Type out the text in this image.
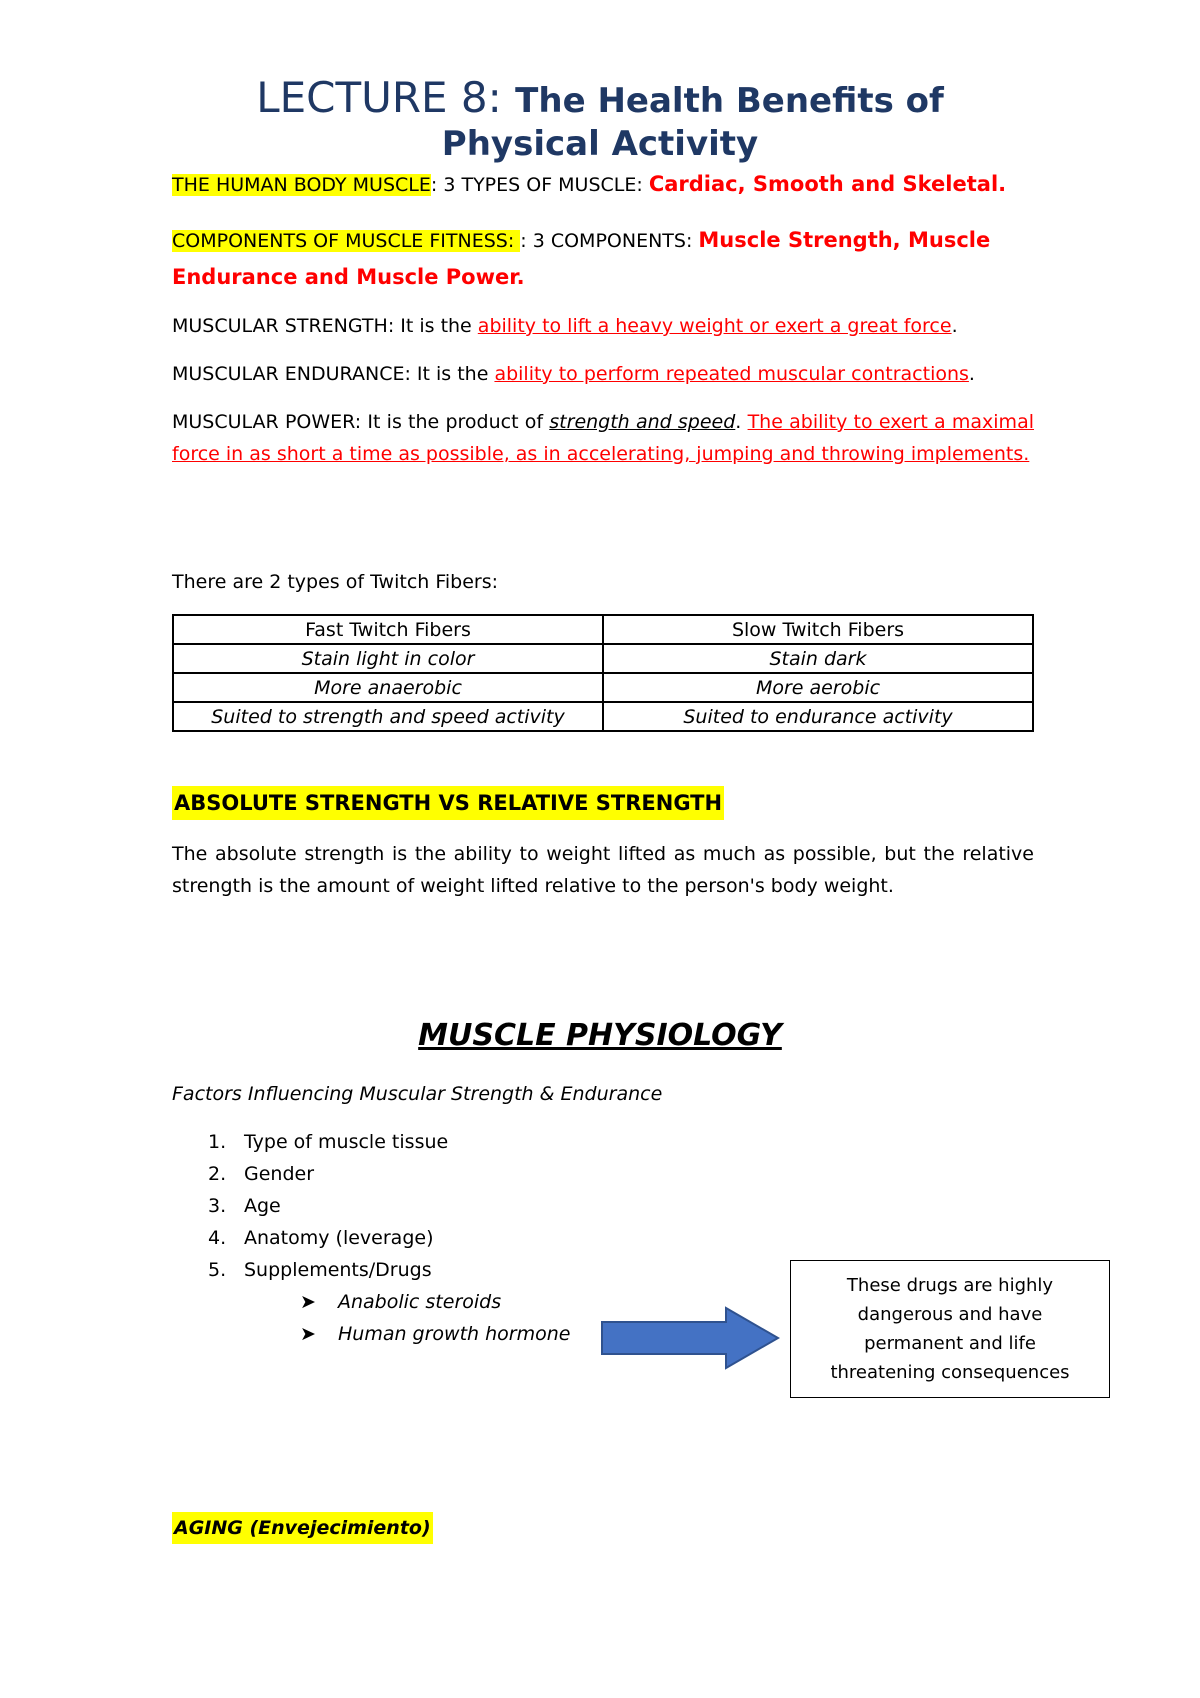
LECTURE 8: The Health Benefits of
Physical Activity
THE HUMAN BODY MUSCLE: 3 TYPES OF MUSCLE: Cardiac, Smooth and Skeletal.
COMPONENTS OF MUSCLE FITNESS: : 3 COMPONENTS: Muscle Strength, Muscle Endurance and Muscle Power.
MUSCULAR STRENGTH: It is the ability to lift a heavy weight or exert a great force.
MUSCULAR ENDURANCE: It is the ability to perform repeated muscular contractions.
MUSCULAR POWER: It is the product of strength and speed. The ability to exert a maximal force in as short a time as possible, as in accelerating, jumping and throwing implements.
There are 2 types of Twitch Fibers:
Fast Twitch Fibers	Slow Twitch Fibers
Stain light in color	Stain dark
More anaerobic	More aerobic
Suited to strength and speed activity	Suited to endurance activity
ABSOLUTE STRENGTH VS RELATIVE STRENGTH
The absolute strength is the ability to weight lifted as much as possible, but the relative strength is the amount of weight lifted relative to the person's body weight.
MUSCLE PHYSIOLOGY
Factors Influencing Muscular Strength & Endurance
1. Type of muscle tissue
2. Gender
3. Age
4. Anatomy (leverage)
5. Supplements/Drugs
➤ Anabolic steroids
➤ Human growth hormone
These drugs are highly dangerous and have permanent and life threatening consequences
AGING (Envejecimiento)
